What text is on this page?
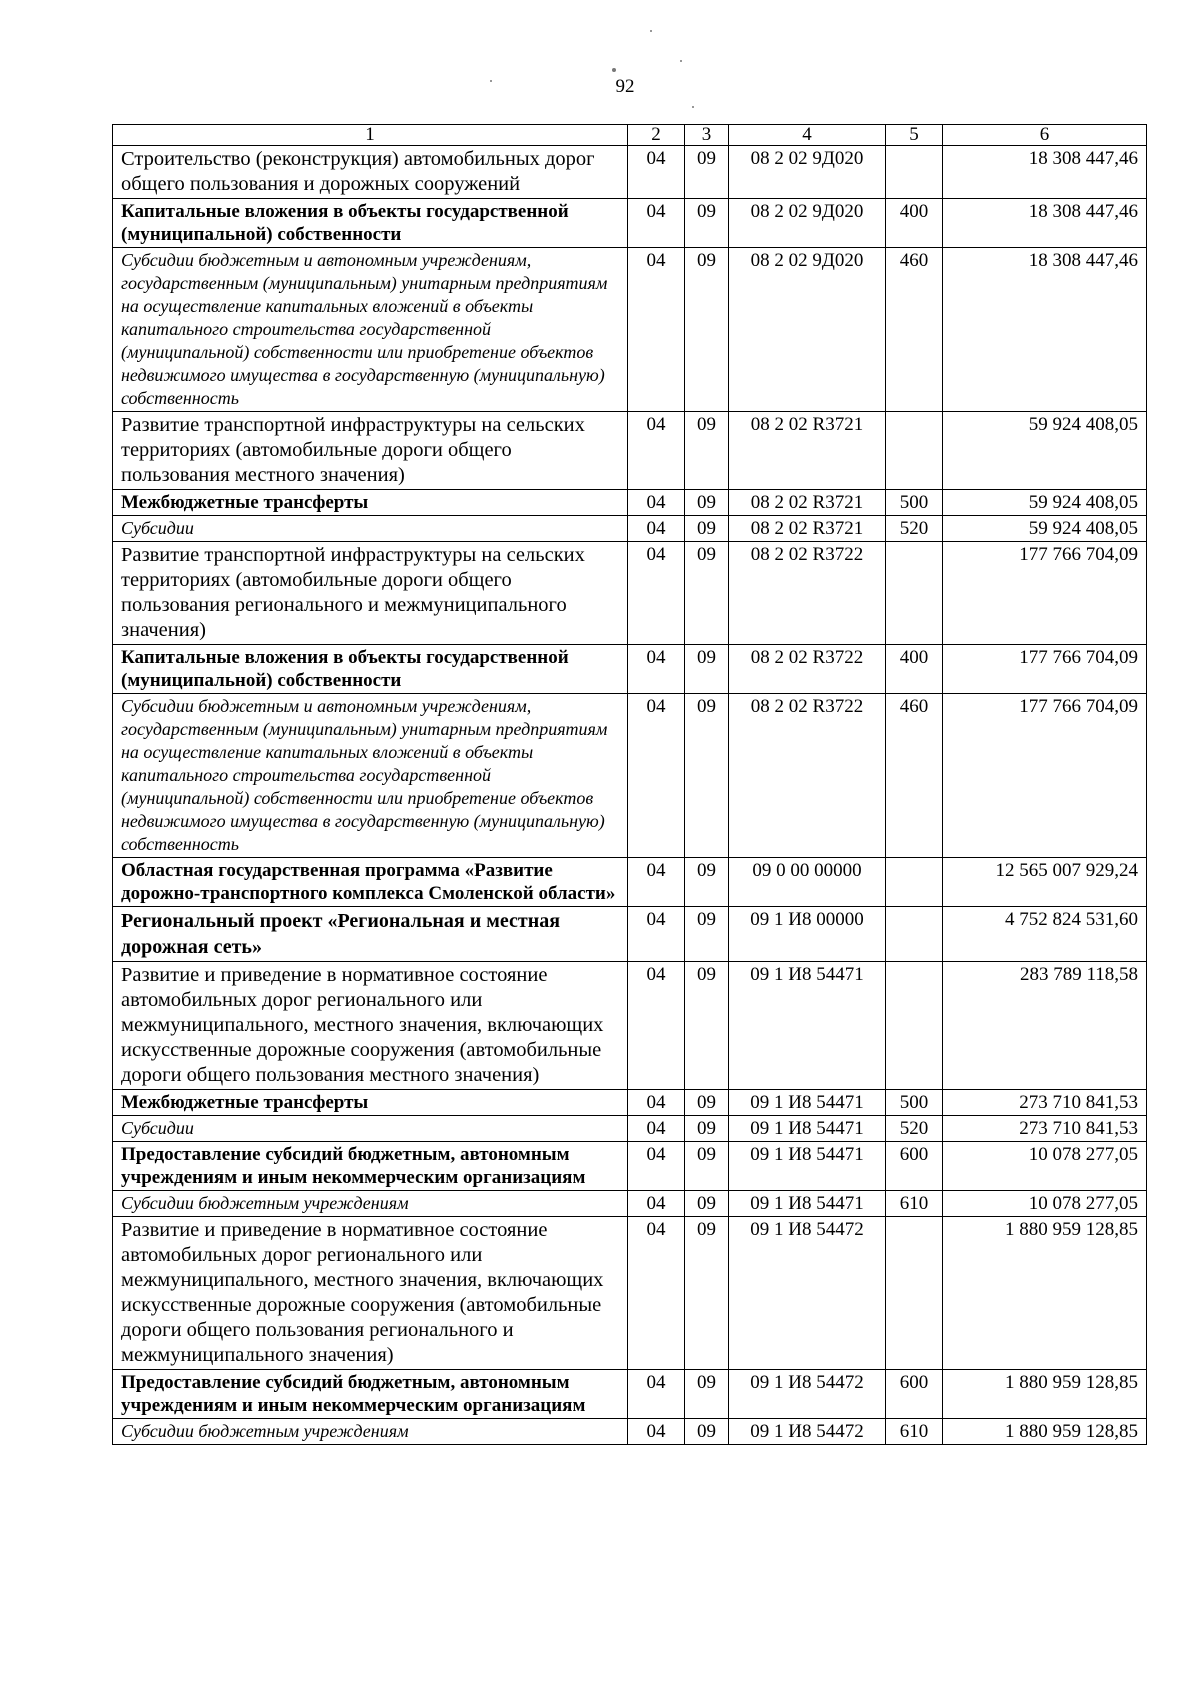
92
1	2	3	4	5	6
Строительство (реконструкция) автомобильных дорог общего пользования и дорожных сооружений	04	09	08 2 02 9Д020		18 308 447,46
Капитальные вложения в объекты государственной (муниципальной) собственности	04	09	08 2 02 9Д020	400	18 308 447,46
Субсидии бюджетным и автономным учреждениям, государственным (муниципальным) унитарным предприятиям на осуществление капитальных вложений в объекты капитального строительства государственной (муниципальной) собственности или приобретение объектов недвижимого имущества в государственную (муниципальную) собственность	04	09	08 2 02 9Д020	460	18 308 447,46
Развитие транспортной инфраструктуры на сельских территориях (автомобильные дороги общего пользования местного значения)	04	09	08 2 02 R3721		59 924 408,05
Межбюджетные трансферты	04	09	08 2 02 R3721	500	59 924 408,05
Субсидии	04	09	08 2 02 R3721	520	59 924 408,05
Развитие транспортной инфраструктуры на сельских территориях (автомобильные дороги общего пользования регионального и межмуниципального значения)	04	09	08 2 02 R3722		177 766 704,09
Капитальные вложения в объекты государственной (муниципальной) собственности	04	09	08 2 02 R3722	400	177 766 704,09
Субсидии бюджетным и автономным учреждениям, государственным (муниципальным) унитарным предприятиям на осуществление капитальных вложений в объекты капитального строительства государственной (муниципальной) собственности или приобретение объектов недвижимого имущества в государственную (муниципальную) собственность	04	09	08 2 02 R3722	460	177 766 704,09
Областная государственная программа «Развитие дорожно-транспортного комплекса Смоленской области»	04	09	09 0 00 00000		12 565 007 929,24
Региональный проект «Региональная и местная дорожная сеть»	04	09	09 1 И8 00000		4 752 824 531,60
Развитие и приведение в нормативное состояние автомобильных дорог регионального или межмуниципального, местного значения, включающих искусственные дорожные сооружения (автомобильные дороги общего пользования местного значения)	04	09	09 1 И8 54471		283 789 118,58
Межбюджетные трансферты	04	09	09 1 И8 54471	500	273 710 841,53
Субсидии	04	09	09 1 И8 54471	520	273 710 841,53
Предоставление субсидий бюджетным, автономным учреждениям и иным некоммерческим организациям	04	09	09 1 И8 54471	600	10 078 277,05
Субсидии бюджетным учреждениям	04	09	09 1 И8 54471	610	10 078 277,05
Развитие и приведение в нормативное состояние автомобильных дорог регионального или межмуниципального, местного значения, включающих искусственные дорожные сооружения (автомобильные дороги общего пользования регионального и межмуниципального значения)	04	09	09 1 И8 54472		1 880 959 128,85
Предоставление субсидий бюджетным, автономным учреждениям и иным некоммерческим организациям	04	09	09 1 И8 54472	600	1 880 959 128,85
Субсидии бюджетным учреждениям	04	09	09 1 И8 54472	610	1 880 959 128,85
